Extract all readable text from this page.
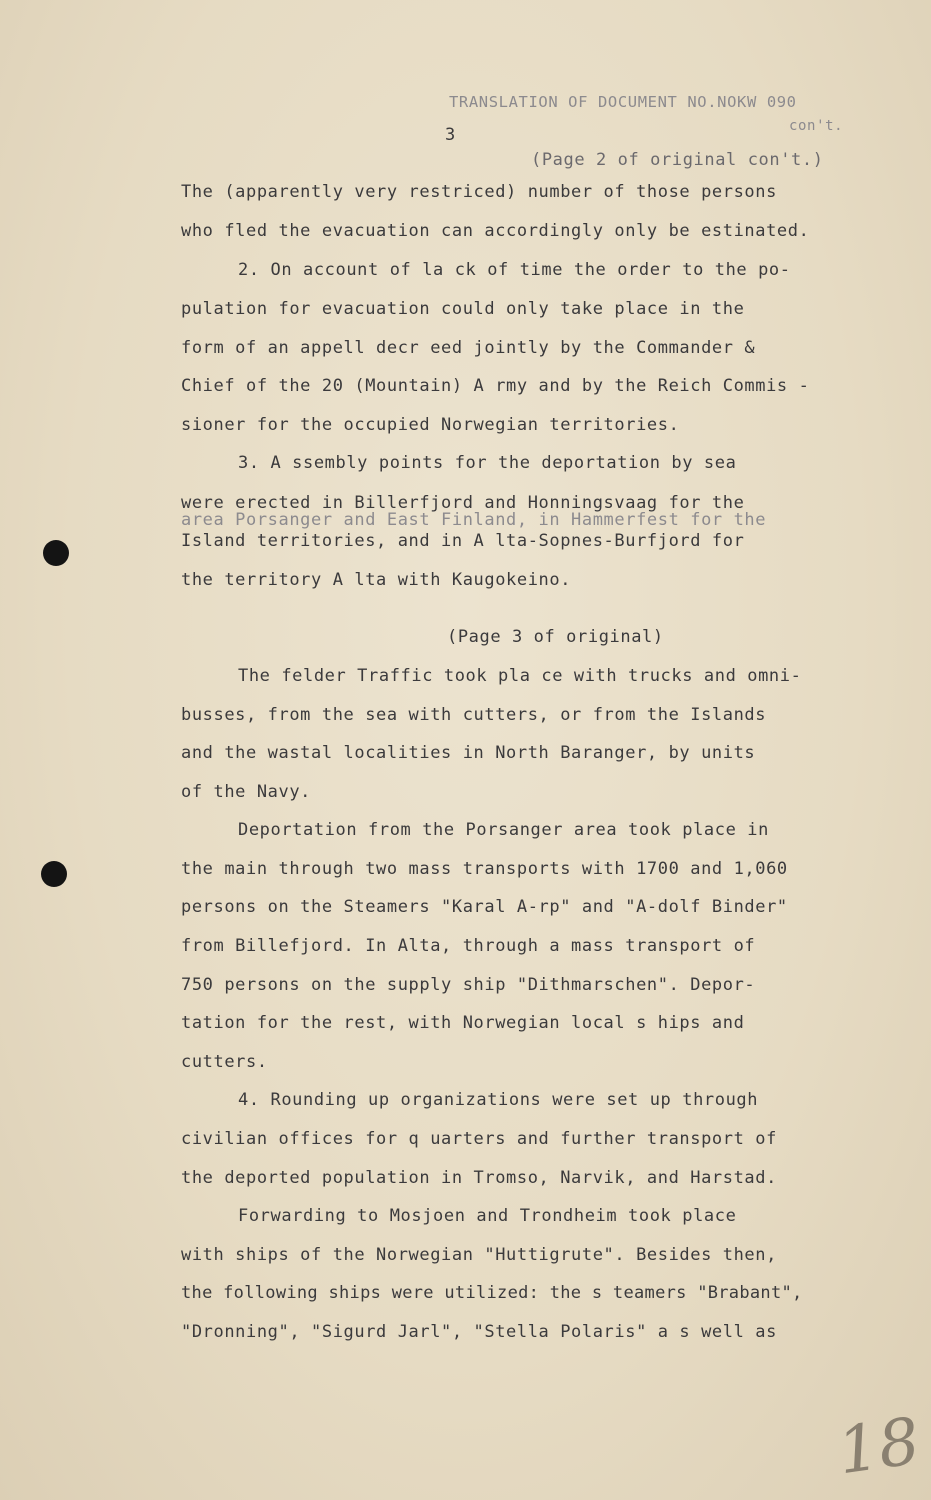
TRANSLATION OF DOCUMENT NO.NOKW 090
con't.
3
(Page 2 of original con't.)
The (apparently very restriced) number of those persons
who fled the evacuation can accordingly only be estinated.
2. On account of la ck of time the order to the po-
pulation for evacuation could only take place in the
form of an appell decr eed jointly by the Commander &
Chief of the 20 (Mountain) A rmy and by the Reich Commis -
sioner for the occupied Norwegian territories.
3. A ssembly points for the deportation by sea
were erected in Billerfjord and Honningsvaag for the
area Porsanger and East Finland, in Hammerfest for the
Island territories, and in A lta-Sopnes-Burfjord for
the territory A lta with Kaugokeino.
(Page 3 of original)
The felder Traffic took pla ce with trucks and omni-
busses, from the sea with cutters, or from the Islands
and the wastal localities in North Baranger, by units
of the Navy.
Deportation from the Porsanger area took place in
the main through two mass transports with 1700 and 1,060
persons on the Steamers "Karal A-rp" and "A-dolf Binder"
from Billefjord. In Alta, through a mass transport of
750 persons on the supply ship "Dithmarschen". Depor-
tation for the rest, with Norwegian local s hips and
cutters.
4. Rounding up organizations were set up through
civilian offices for q uarters and further transport of
the deported population in Tromso, Narvik, and Harstad.
Forwarding to Mosjoen and Trondheim took place
with ships of the Norwegian "Huttigrute". Besides then,
the following ships were utilized: the s teamers "Brabant",
"Dronning", "Sigurd Jarl", "Stella Polaris" a s well as
18
